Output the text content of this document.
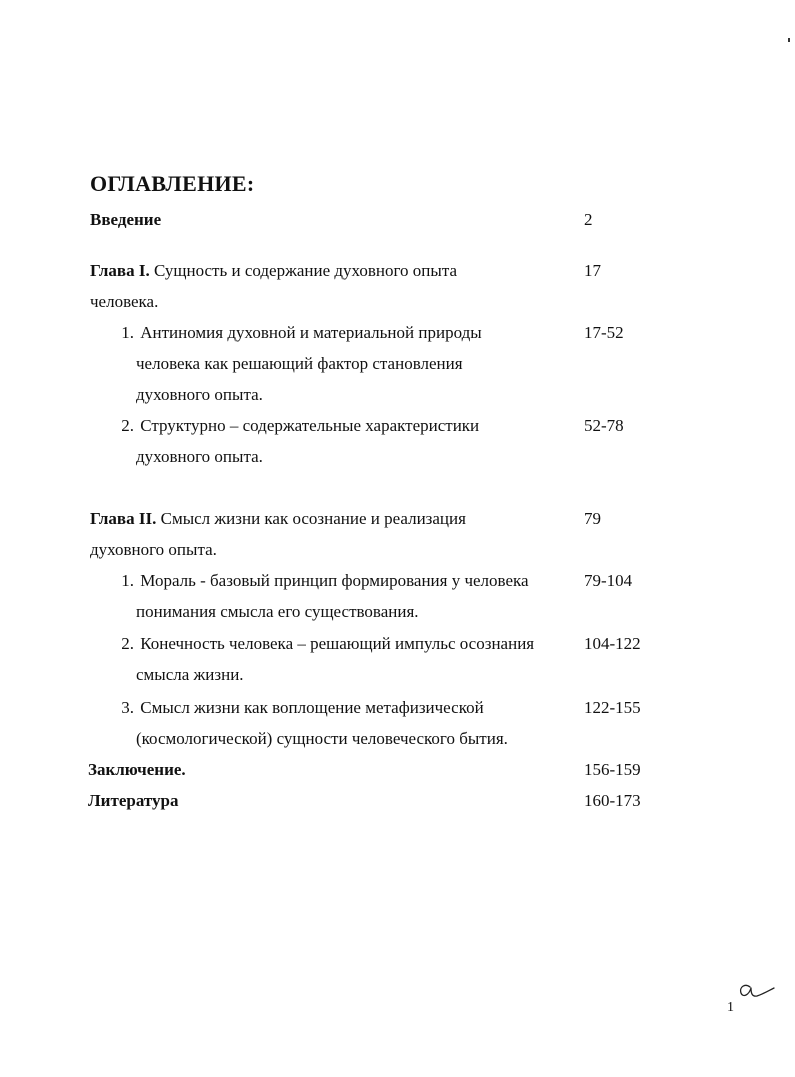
ОГЛАВЛЕНИЕ:
Введение	2
Глава I. Сущность и содержание духовного опыта	17
человека.
1. Антиномия духовной и материальной природы	17-52
человека как решающий фактор становления
духовного опыта.
2. Структурно – содержательные характеристики	52-78
духовного опыта.
Глава II. Смысл жизни как осознание и реализация	79
духовного опыта.
1. Мораль - базовый принцип формирования у человека	79-104
понимания смысла его существования.
2. Конечность человека – решающий импульс осознания	104-122
смысла жизни.
3. Смысл жизни как воплощение метафизической	122-155
(космологической) сущности человеческого бытия.
Заключение.	156-159
Литература	160-173
1
